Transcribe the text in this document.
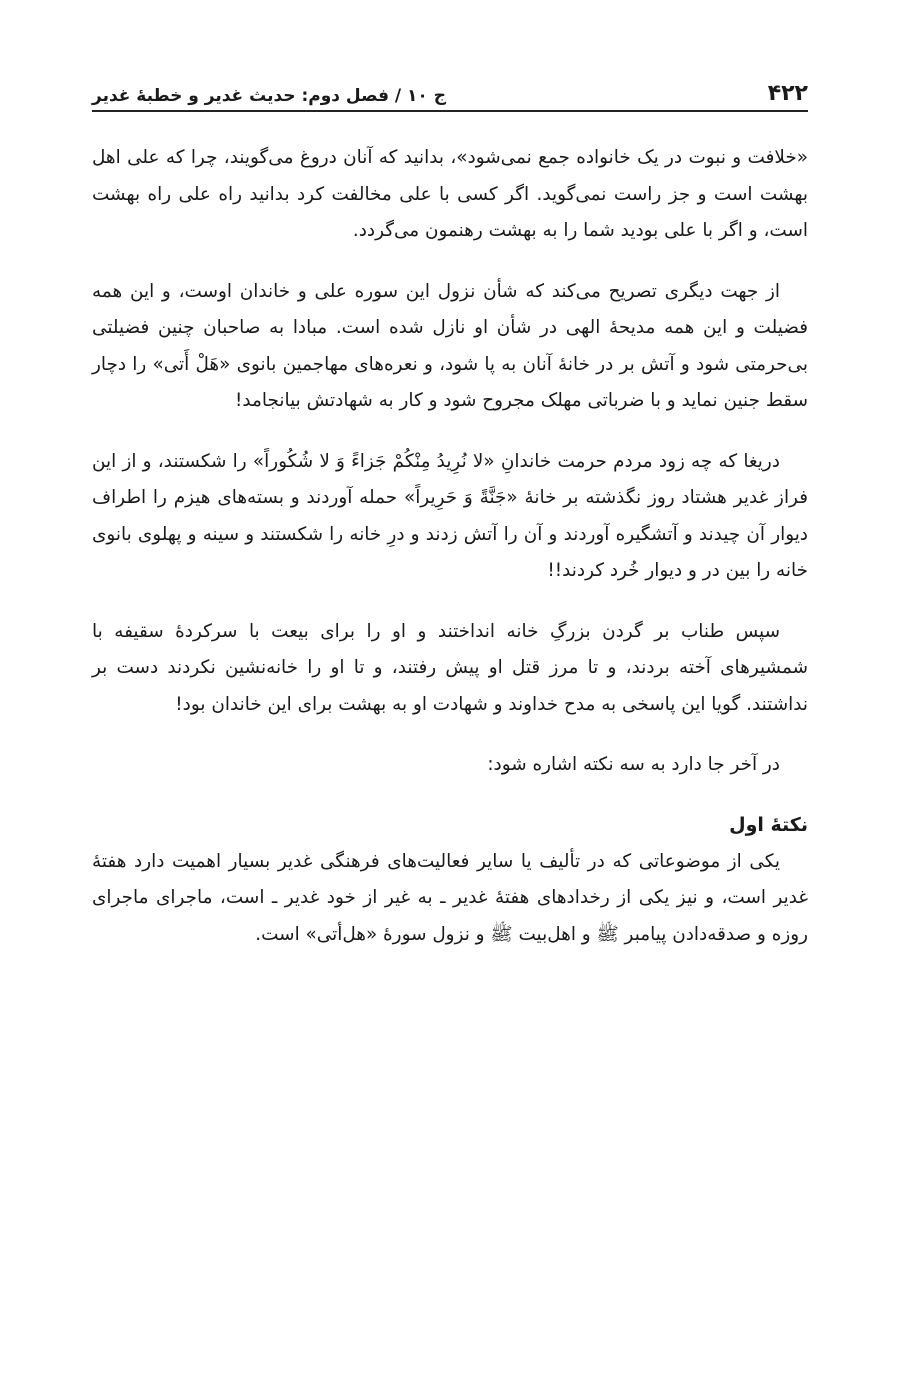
۴۲۲
ج ۱۰ / فصل دوم: حدیث غدیر و خطبهٔ غدیر

«خلافت و نبوت در یک خانواده جمع نمی‌شود»، بدانید که آنان دروغ می‌گویند، چرا که علی اهل بهشت است و جز راست نمی‌گوید. اگر کسی با علی مخالفت کرد بدانید راه علی راه بهشت است، و اگر با علی بودید شما را به بهشت رهنمون می‌گردد.

از جهت دیگری تصریح می‌کند که شأن نزول این سوره علی و خاندان اوست، و این همه فضیلت و این همه مدیحهٔ الهی در شأن او نازل شده است. مبادا به صاحبان چنین فضیلتی بی‌حرمتی شود و آتش بر در خانهٔ آنان به پا شود، و نعره‌های مهاجمین بانوی «هَلْ أَتی» را دچار سقط جنین نماید و با ضرباتی مهلک مجروح شود و کار به شهادتش بیانجامد!

دریغا که چه زود مردم حرمت خاندانِ «لا نُرِیدُ مِنْکُمْ جَزاءً وَ لا شُکُوراً» را شکستند، و از این فراز غدیر هشتاد روز نگذشته بر خانهٔ «جَنَّةً وَ حَرِیراً» حمله آوردند و بسته‌های هیزم را اطراف دیوار آن چیدند و آتشگیره آوردند و آن را آتش زدند و درِ خانه را شکستند و سینه و پهلوی بانوی خانه را بین در و دیوار خُرد کردند!!

سپس طناب بر گردن بزرگِ خانه انداختند و او را برای بیعت با سرکردهٔ سقیفه با شمشیرهای آخته بردند، و تا مرز قتل او پیش رفتند، و تا او را خانه‌نشین نکردند دست بر نداشتند. گویا این پاسخی به مدح خداوند و شهادت او به بهشت برای این خاندان بود!

در آخر جا دارد به سه نکته اشاره شود:

نکتهٔ اول

یکی از موضوعاتی که در تألیف یا سایر فعالیت‌های فرهنگی غدیر بسیار اهمیت دارد هفتهٔ غدیر است، و نیز یکی از رخدادهای هفتهٔ غدیر ـ به غیر از خود غدیر ـ است، ماجرای ماجرای روزه و صدقه‌دادن پیامبر ﷺ و اهل‌بیت ﷺ و نزول سورهٔ «هل‌أتی» است.
